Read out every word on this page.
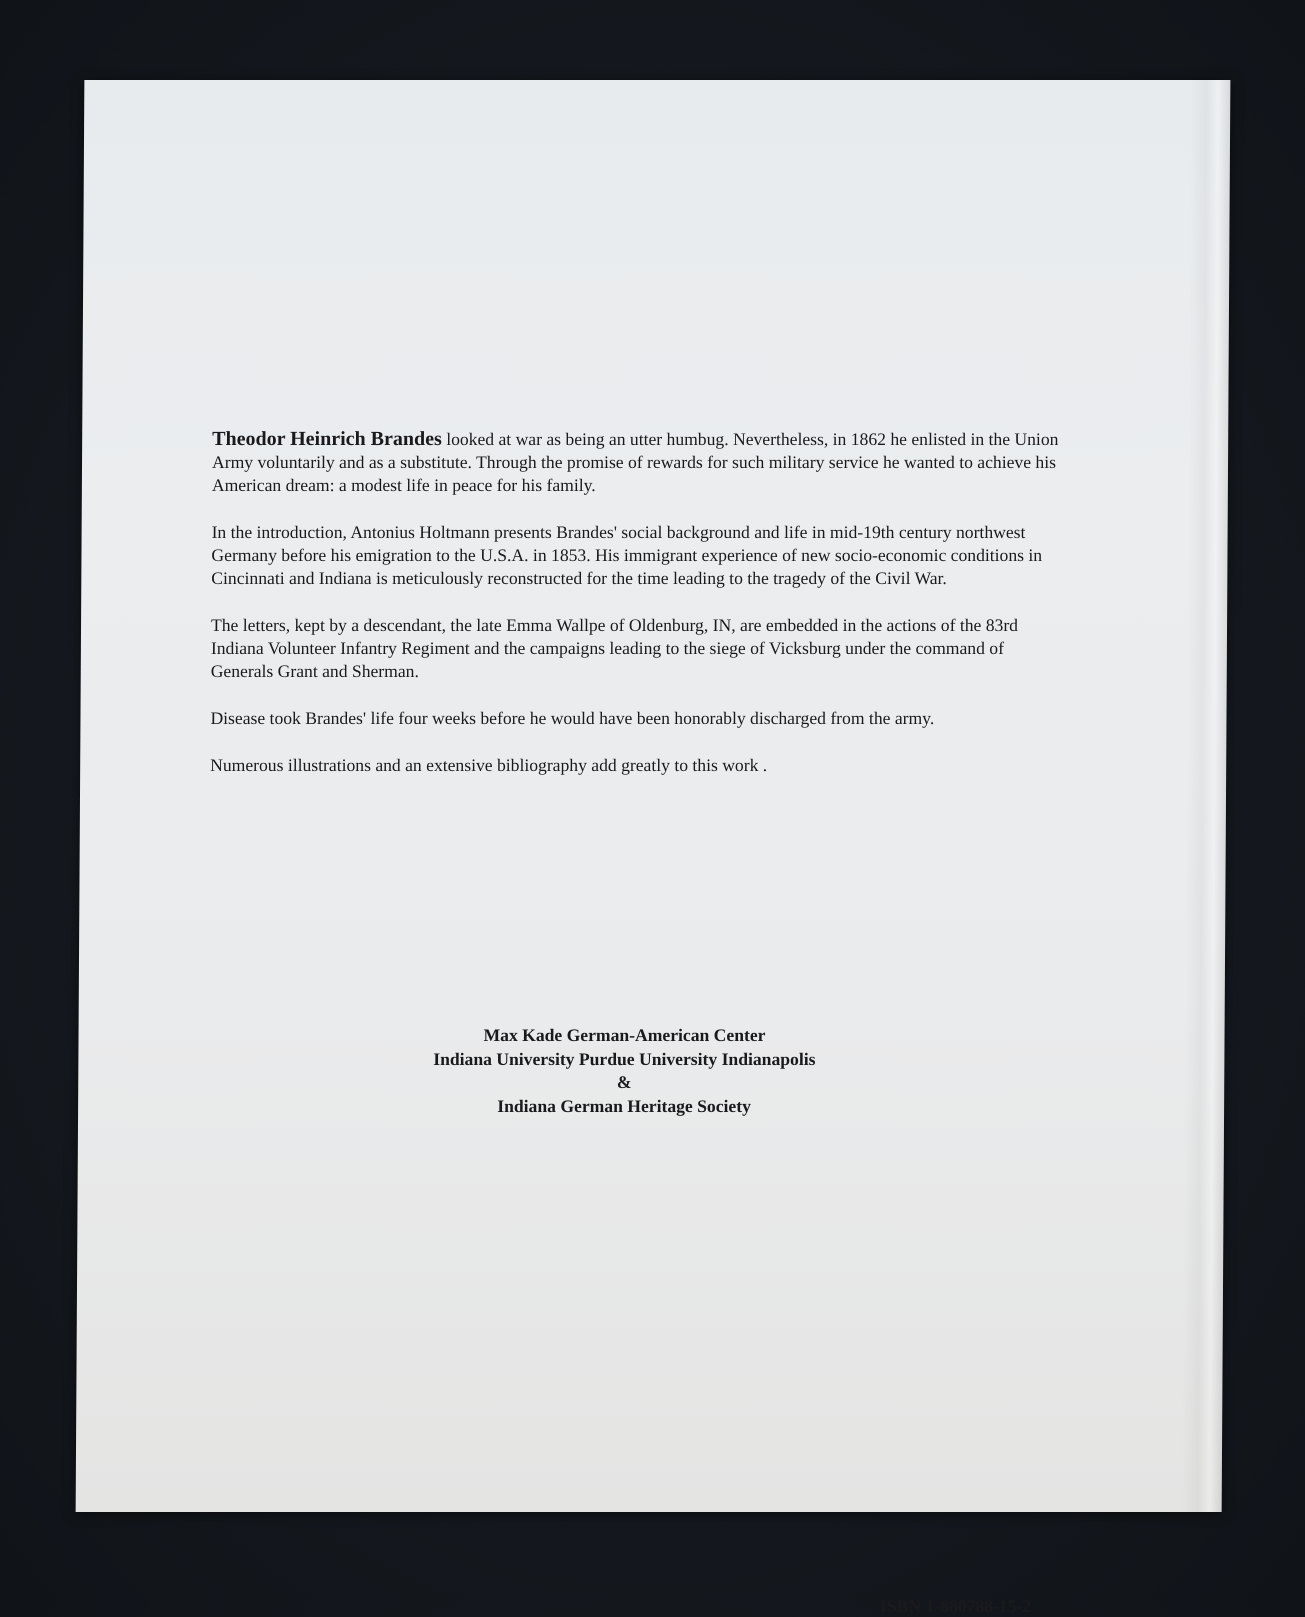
Theodor Heinrich Brandes looked at war as being an utter humbug. Nevertheless, in 1862 he enlisted in the Union Army voluntarily and as a substitute. Through the promise of rewards for such military service he wanted to achieve his American dream: a modest life in peace for his family.

In the introduction, Antonius Holtmann presents Brandes' social background and life in mid-19th century northwest Germany before his emigration to the U.S.A. in 1853. His immigrant experience of new socio-economic conditions in Cincinnati and Indiana is meticulously reconstructed for the time leading to the tragedy of the Civil War.

The letters, kept by a descendant, the late Emma Wallpe of Oldenburg, IN, are embedded in the actions of the 83rd Indiana Volunteer Infantry Regiment and the campaigns leading to the siege of Vicksburg under the command of Generals Grant and Sherman.

Disease took Brandes' life four weeks before he would have been honorably discharged from the army.

Numerous illustrations and an extensive bibliography add greatly to this work .

Max Kade German-American Center
Indiana University Purdue University Indianapolis
&
Indiana German Heritage Society
ISBN 1-880788-15-2
